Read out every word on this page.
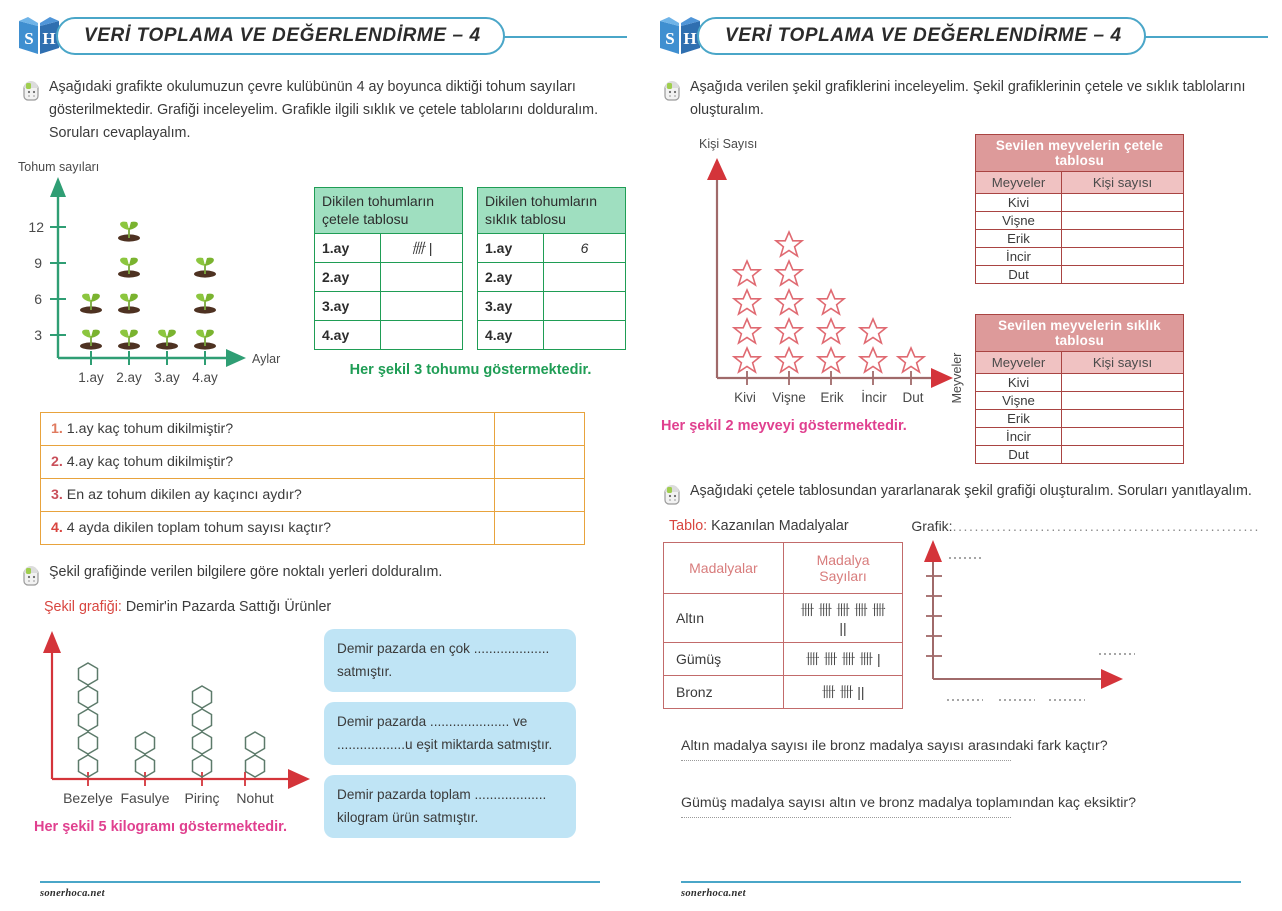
S H VERİ TOPLAMA VE DEĞERLENDİRME – 4
Aşağıdaki grafikte okulumuzun çevre kulübünün 4 ay boyunca diktiği tohum sayıları gösterilmektedir. Grafiği inceleyelim. Grafikle ilgili sıklık ve çetele tablolarını dolduralım. Soruları cevaplayalım.
Tohum sayıları
Aylar
3
6
9
12
1.ay 2.ay 3.ay 4.ay
Dikilen tohumların çetele tablosu	
1.ay	卌 |
2.ay	
3.ay	
4.ay	
Dikilen tohumların sıklık tablosu	
1.ay	6
2.ay	
3.ay	
4.ay	
Her şekil 3 tohumu göstermektedir.
1. 1.ay kaç tohum dikilmiştir?	
2. 4.ay kaç tohum dikilmiştir?	
3. En az tohum dikilen ay kaçıncı aydır?	
4. 4 ayda dikilen toplam tohum sayısı kaçtır?	
Şekil grafiğinde verilen bilgilere göre noktalı yerleri dolduralım.
Şekil grafiği: Demir'in Pazarda Sattığı Ürünler
Bezelye Fasulye Pirinç Nohut
Her şekil 5 kilogramı göstermektedir.
Demir pazarda en çok .................... satmıştır.
Demir pazarda ..................... ve ..................u eşit miktarda satmıştır.
Demir pazarda toplam ................... kilogram ürün satmıştır.
sonerhoca.net
S H VERİ TOPLAMA VE DEĞERLENDİRME – 4
Aşağıda verilen şekil grafiklerini inceleyelim. Şekil grafiklerinin çetele ve sıklık tablolarını oluşturalım.
Kişi Sayısı
Meyveler
Kivi Vişne Erik İncir Dut
Her şekil 2 meyveyi göstermektedir.
Sevilen meyvelerin çetele tablosu	
Meyveler	Kişi sayısı
Kivi	
Vişne	
Erik	
İncir	
Dut	
Sevilen meyvelerin sıklık tablosu	
Meyveler	Kişi sayısı
Kivi	
Vişne	
Erik	
İncir	
Dut	
Aşağıdaki çetele tablosundan yararlanarak şekil grafiği oluşturalım. Soruları yanıtlayalım.
Tablo: Kazanılan Madalyalar
Madalyalar	Madalya Sayıları
Altın	卌 卌 卌 卌 卌 ||
Gümüş	卌 卌 卌 卌 |
Bronz	卌 卌 ||
Grafik:........................................................
Altın madalya sayısı ile bronz madalya sayısı arasındaki fark kaçtır?
Gümüş madalya sayısı altın ve bronz madalya toplamından kaç eksiktir?
sonerhoca.net
